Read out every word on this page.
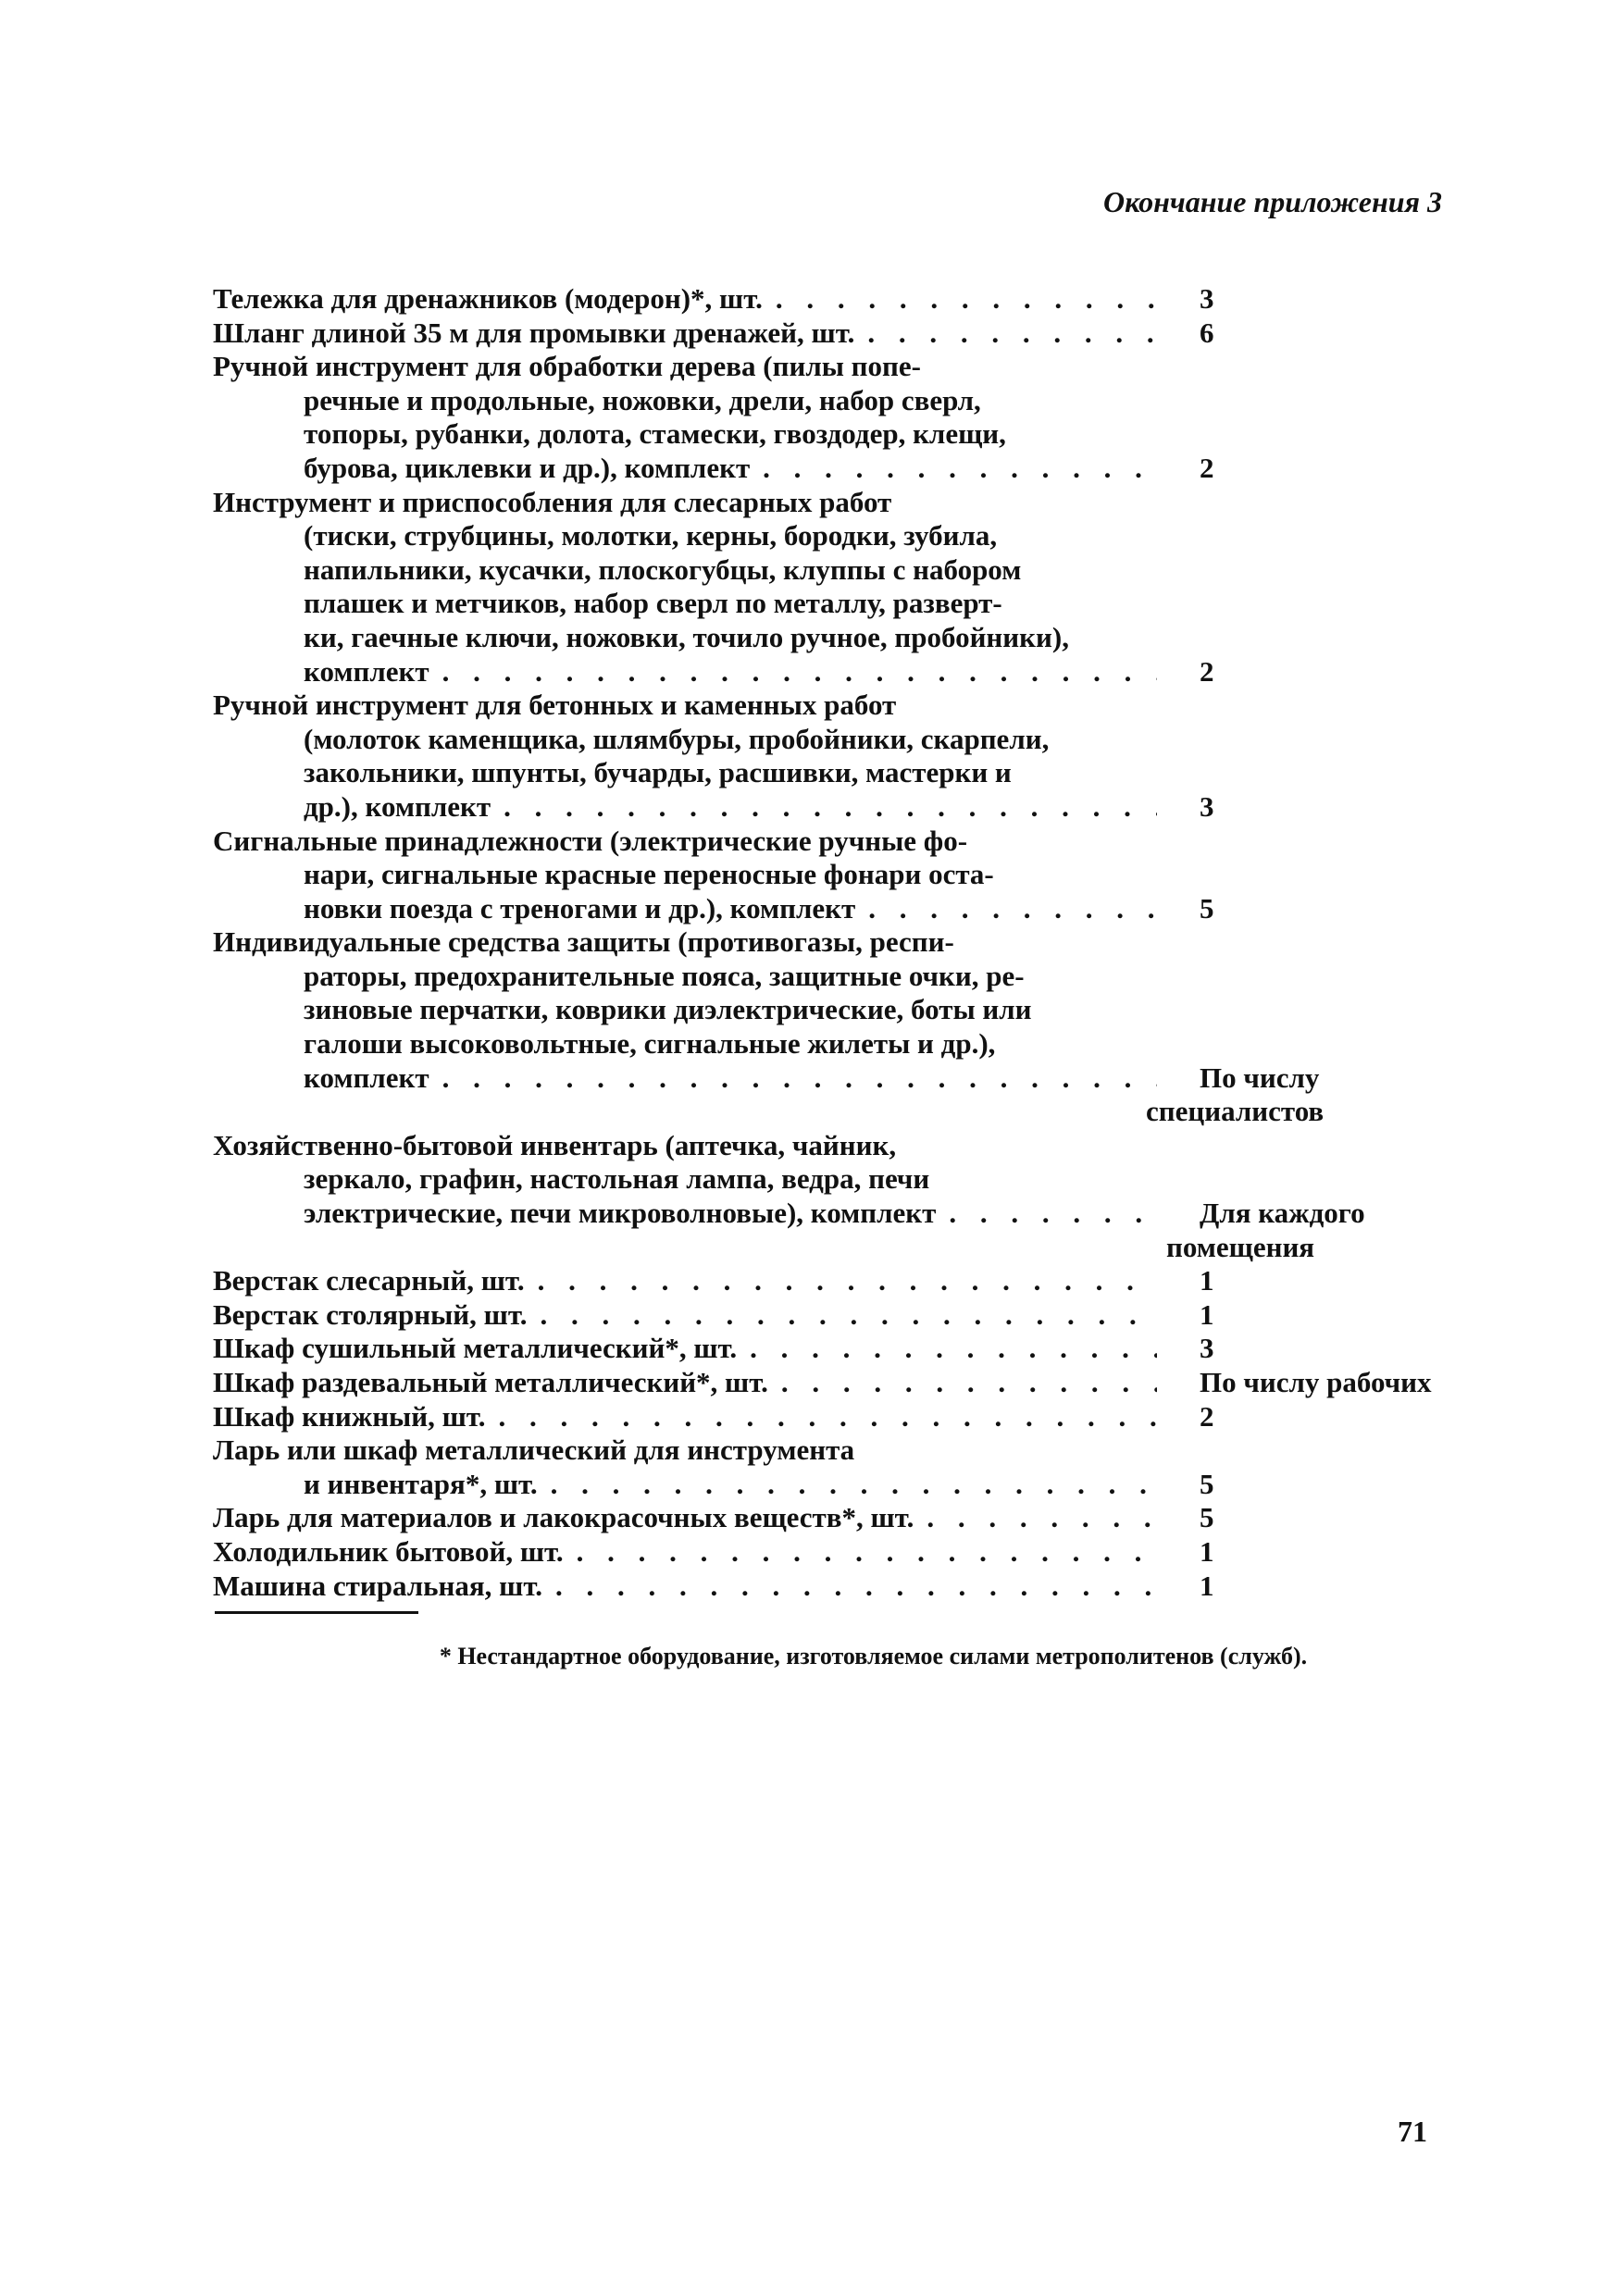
Окончание приложения 3
Тележка для дренажников (модерон)*, шт. . . .	3
Шланг длиной 35 м для промывки дренажей, шт. . . .	6
Ручной инструмент для обработки дерева (пилы попе-
речные и продольные, ножовки, дрели, набор сверл,
топоры, рубанки, долота, стамески, гвоздодер, клещи,
бурова, циклевки и др.), комплект . . .	2
Инструмент и приспособления для слесарных работ
(тиски, струбцины, молотки, керны, бородки, зубила,
напильники, кусачки, плоскогубцы, клуппы с набором
плашек и метчиков, набор сверл по металлу, разверт-
ки, гаечные ключи, ножовки, точило ручное, пробойники),
комплект . . .	2
Ручной инструмент для бетонных и каменных работ
(молоток каменщика, шлямбуры, пробойники, скарпели,
закольники, шпунты, бучарды, расшивки, мастерки и
др.), комплект . . .	3
Сигнальные принадлежности (электрические ручные фо-
нари, сигнальные красные переносные фонари оста-
новки поезда с треногами и др.), комплект . . .	5
Индивидуальные средства защиты (противогазы, респи-
раторы, предохранительные пояса, защитные очки, ре-
зиновые перчатки, коврики диэлектрические, боты или
галоши высоковольтные, сигнальные жилеты и др.),
комплект . . .	По числу
специалистов
Хозяйственно-бытовой инвентарь (аптечка, чайник,
зеркало, графин, настольная лампа, ведра, печи
электрические, печи микроволновые), комплект . . .	Для каждого
помещения
Верстак слесарный, шт. . . .	1
Верстак столярный, шт. . . .	1
Шкаф сушильный металлический*, шт. . . .	3
Шкаф раздевальный металлический*, шт. . . .	По числу рабочих
Шкаф книжный, шт. . . .	2
Ларь или шкаф металлический для инструмента
и инвентаря*, шт. . . .	5
Ларь для материалов и лакокрасочных веществ*, шт. . . .	5
Холодильник бытовой, шт. . . .	1
Машина стиральная, шт. . . .	1
* Нестандартное оборудование, изготовляемое силами метрополитенов (служб).
71
